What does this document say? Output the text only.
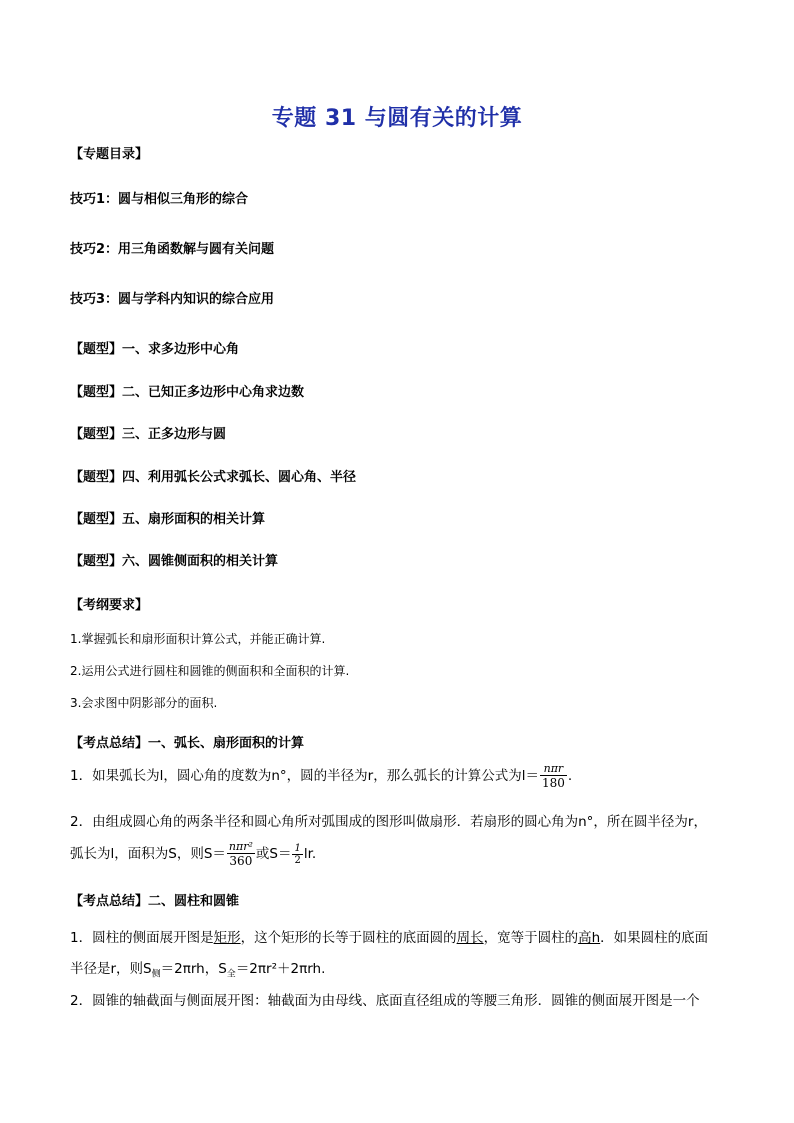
专题 31 与圆有关的计算
【专题目录】
技巧1：圆与相似三角形的综合
技巧2：用三角函数解与圆有关问题
技巧3：圆与学科内知识的综合应用
【题型】一、求多边形中心角
【题型】二、已知正多边形中心角求边数
【题型】三、正多边形与圆
【题型】四、利用弧长公式求弧长、圆心角、半径
【题型】五、扇形面积的相关计算
【题型】六、圆锥侧面积的相关计算
【考纲要求】
1.掌握弧长和扇形面积计算公式，并能正确计算.
2.运用公式进行圆柱和圆锥的侧面积和全面积的计算.
3.会求图中阴影部分的面积.
【考点总结】一、弧长、扇形面积的计算
1．如果弧长为l，圆心角的度数为n°，圆的半径为r，那么弧长的计算公式为$l= \frac{\text{nπr}}{180}$ .
2．由组成圆心角的两条半径和圆心角所对弧围成的图形叫做扇形．若扇形的圆心角为n°，所在圆半径为r，
弧长为l，面积为S，则$S= \frac{\text{nπr²}}{360}$ 或$S= \frac{1}{2}$ lr.
【考点总结】二、圆柱和圆锥
1．圆柱的侧面展开图是矩形，这个矩形的长等于圆柱的底面圆的周长，宽等于圆柱的高h．如果圆柱的底面
半径是r，则$S_侧=2\pi rh$，$S_全=2\pi r^2+2\pi rh$.
2．圆锥的轴截面与侧面展开图：轴截面为由母线、底面直径组成的等腰三角形．圆锥的侧面展开图是一个
